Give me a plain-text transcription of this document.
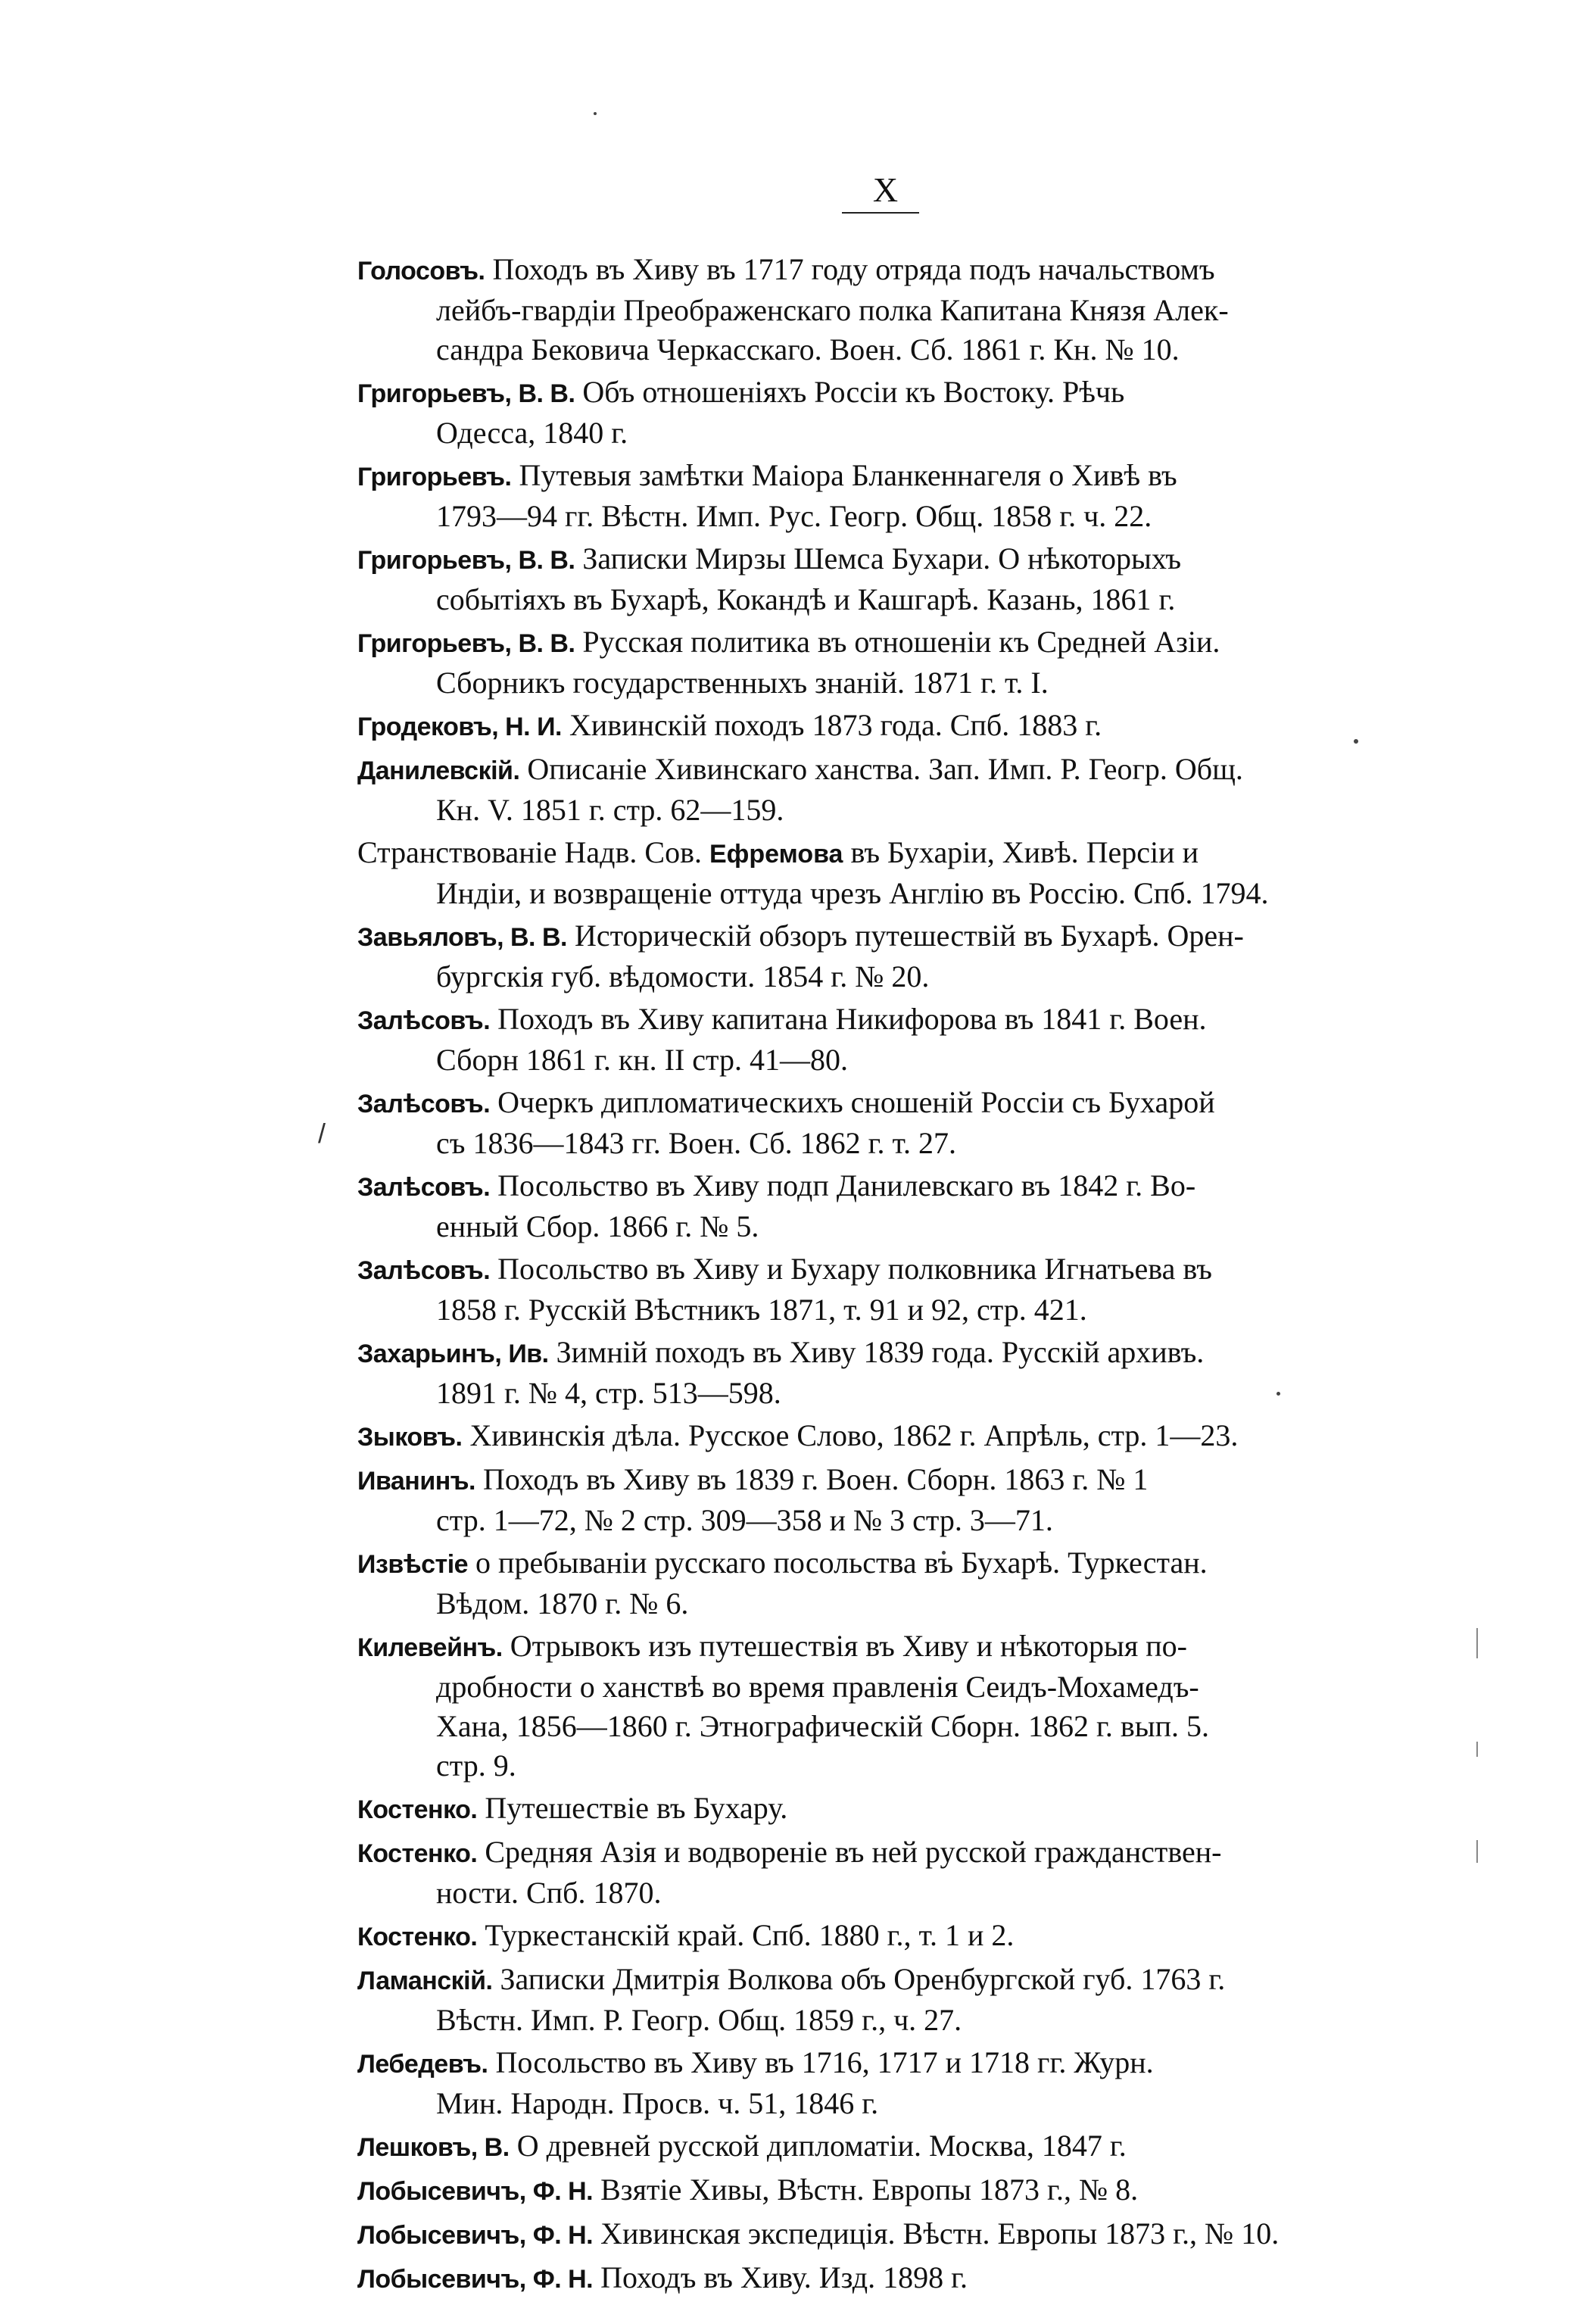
X
/
Голосовъ. Походъ въ Хиву въ 1717 году отряда подъ начальствомъ
лейбъ-гвардiи Преображенскаго полка Капитана Князя Алек-
сандра Бековича Черкасскаго. Воен. Сб. 1861 г. Кн. № 10.
Григорьевъ, В. В. Объ отношенiяхъ Россiи къ Востоку. Рѣчь
Одесса, 1840 г.
Григорьевъ. Путевыя замѣтки Маiора Бланкеннагеля о Хивѣ въ
1793—94 гг. Вѣстн. Имп. Рус. Геогр. Общ. 1858 г. ч. 22.
Григорьевъ, В. В. Записки Мирзы Шемса Бухари. О нѣкоторыхъ
событiяхъ въ Бухарѣ, Кокандѣ и Кашгарѣ. Казань, 1861 г.
Григорьевъ, В. В. Русская политика въ отношенiи къ Средней Азiи.
Сборникъ государственныхъ знанiй. 1871 г. т. I.
Гродековъ, Н. И. Хивинскiй походъ 1873 года. Спб. 1883 г.
Данилевскiй. Описанiе Хивинскаго ханства. Зап. Имп. Р. Геогр. Общ.
Кн. V. 1851 г. стр. 62—159.
Странствованiе Надв. Сов. Ефремова въ Бухарiи, Хивѣ. Персiи и
Индiи, и возвращенiе оттуда чрезъ Англiю въ Россiю. Спб. 1794.
Завьяловъ, В. В. Историческiй обзоръ путешествiй въ Бухарѣ. Орен-
бургскiя губ. вѣдомости. 1854 г. № 20.
Залѣсовъ. Походъ въ Хиву капитана Никифорова въ 1841 г. Воен.
Сборн 1861 г. кн. II стр. 41—80.
Залѣсовъ. Очеркъ дипломатическихъ сношенiй Россiи съ Бухарой
съ 1836—1843 гг. Воен. Сб. 1862 г. т. 27.
Залѣсовъ. Посольство въ Хиву подп Данилевскаго въ 1842 г. Во-
енный Сбор. 1866 г. № 5.
Залѣсовъ. Посольство въ Хиву и Бухару полковника Игнатьева въ
1858 г. Русскiй Вѣстникъ 1871, т. 91 и 92, стр. 421.
Захарьинъ, Ив. Зимнiй походъ въ Хиву 1839 года. Русскiй архивъ.
1891 г. № 4, стр. 513—598.
Зыковъ. Хивинскiя дѣла. Русское Слово, 1862 г. Апрѣль, стр. 1—23.
Иванинъ. Походъ въ Хиву въ 1839 г. Воен. Сборн. 1863 г. № 1
стр. 1—72, № 2 стр. 309—358 и № 3 стр. 3—71.
Извѣстiе о пребыванiи русскаго посольства въ Бухарѣ. Туркестан.
Вѣдом. 1870 г. № 6.
Килевейнъ. Отрывокъ изъ путешествiя въ Хиву и нѣкоторыя по-
дробности о ханствѣ во время правленiя Сеидъ-Мохамедъ-
Хана, 1856—1860 г. Этнографическiй Сборн. 1862 г. вып. 5.
стр. 9.
Костенко. Путешествiе въ Бухару.
Костенко. Средняя Азiя и водворенiе въ ней русской гражданствен-
ности. Спб. 1870.
Костенко. Туркестанскiй край. Спб. 1880 г., т. 1 и 2.
Ламанскiй. Записки Дмитрiя Волкова объ Оренбургской губ. 1763 г.
Вѣстн. Имп. Р. Геогр. Общ. 1859 г., ч. 27.
Лебедевъ. Посольство въ Хиву въ 1716, 1717 и 1718 гг. Журн.
Мин. Народн. Просв. ч. 51, 1846 г.
Лешковъ, В. О древней русской дипломатiи. Москва, 1847 г.
Лобысевичъ, Ф. Н. Взятiе Хивы, Вѣстн. Европы 1873 г., № 8.
Лобысевичъ, Ф. Н. Хивинская экспедицiя. Вѣстн. Европы 1873 г., № 10.
Лобысевичъ, Ф. Н. Походъ въ Хиву. Изд. 1898 г.
